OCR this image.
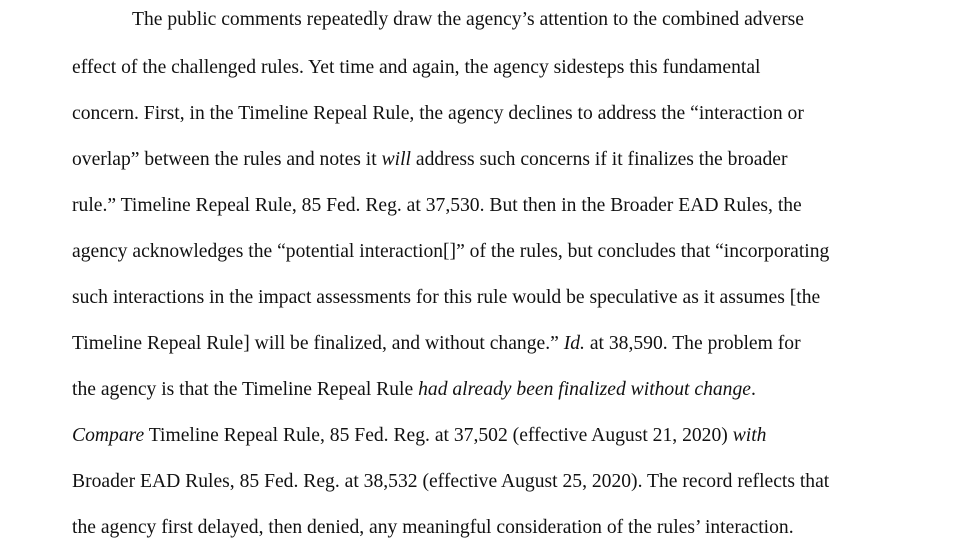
The public comments repeatedly draw the agency’s attention to the combined adverse
effect of the challenged rules. Yet time and again, the agency sidesteps this fundamental
concern. First, in the Timeline Repeal Rule, the agency declines to address the “interaction or
overlap” between the rules and notes it will address such concerns if it finalizes the broader
rule.” Timeline Repeal Rule, 85 Fed. Reg. at 37,530. But then in the Broader EAD Rules, the
agency acknowledges the “potential interaction[]” of the rules, but concludes that “incorporating
such interactions in the impact assessments for this rule would be speculative as it assumes [the
Timeline Repeal Rule] will be finalized, and without change.” Id. at 38,590. The problem for
the agency is that the Timeline Repeal Rule had already been finalized without change.
Compare Timeline Repeal Rule, 85 Fed. Reg. at 37,502 (effective August 21, 2020) with
Broader EAD Rules, 85 Fed. Reg. at 38,532 (effective August 25, 2020). The record reflects that
the agency first delayed, then denied, any meaningful consideration of the rules’ interaction.
